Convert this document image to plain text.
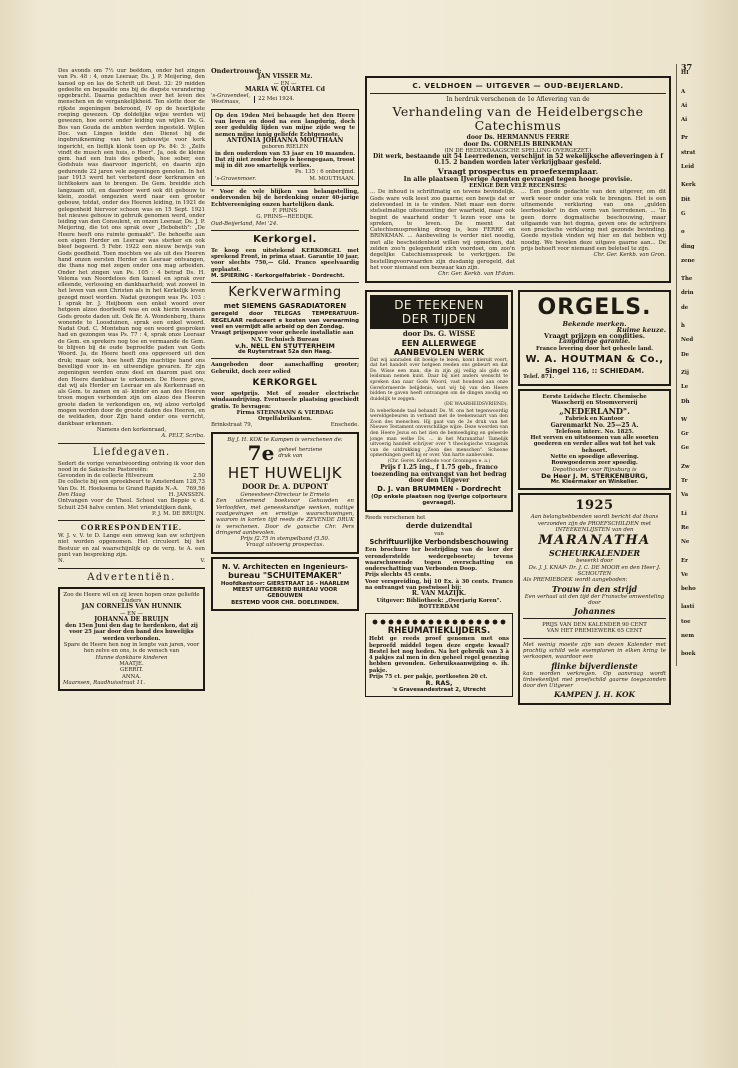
Des avonds om 7½ uur beëdom, onder het zingen van Ps. 48 : 4, onze Leeraar, Ds. J. P. Meijering, den kansel op en las de Schrift uit Deut. 32: 29 midden gedeelte en bepaalde ons bij de diepste verandering opgebracht. Daarna gedachten over het leven des menschen en de vergankelijkheid. Ten slotte door de rijkste zegeningen bekroond, IV op de heerlijkste roeping gewezen. Op doldelijke wijze werden wij gewezen, hoe eerst onder leiding van wijlen Ds. G. Bos van Gouda de ambten werden ingesteld. Wijlen Doc. van Lingen leidde den Dienst bij de ingebruikneming van het gebouwtje voor kerk ingericht, en lieflijk klonk toen op Ps. 84: 3: „Zelfs vindt de musch een huis, o Heer". Ja, ook de kleine gem. had een huis des gebeds, hoe sober, een Godshuis was daarvoor ingericht, en daarin zijn gedurende 22 jaren vele zegeningen genoten. In het jaar 1913 werd het verbeterd door kerkramen en lichtkokers aan te brengen. De Gem. breidde zich langzaam uit, en daardoor werd ook dit gebouw te klein, zoodat omgezien werd naar een grooter gebouw, totdat, onder des Heeren leiding, in 1921 de gelegenheid hiervoor schoon was en 15 Sept. 1921 het nieuwe gebouw in gebruik genomen werd, onder leiding van den Consulent, en onzen Leeraar, Ds. J. P. Meijering, die tot ons sprak over „Hebobeth": „De Heere heeft ons ruimte gemaakt". De behoefte aan een eigen Herder en Leeraar was sterker en ook bleef begeerd. 5 Febr. 1922 een nieuw bewijs van Gods goedheid. Toen mochten we als uit des Heeren hand onzen eersten Herder en Leeraar ontvangen, die thans nog met zegen onder ons mag arbeiden. Onder het zingen van Ps. 105 : 4 betrad Ds. H. Velema van Noordeloos den kansel en sprak over elleende, verlossing en dankbaarheid; wat zoowel in het leven van een Christen als in het Kerkelijk leven gezegd moet worden. Nadat gezongen was Ps. 103 : 1 sprak br. J. Heijboom een enkel woord over hetgeen alzoo doorleefd was en ook hierin kwamen Gods groote daden uit. Ook Br. A. Wondenberg, thans wonende te Loosduinen, sprak een enkel woord. Nadat Oud. C. Monteban nog een woord gesproken had en gezongen was Ps. 77 : 4, sprak onze Leeraar de Gem. en sprekers nog toe en vermaande de Gem. te blijven bij de oude beproefde paden van Gods Woord. Ja, de Heere heeft ons opgevoerd uit den druk; maar ook, hoe heeft Zijn machtige hand ons bevelligd voor in- en uitwendige gevaren. Er zijn zegeningen werden onze deel en daarom past ons den Heere dankbaar te erkennen. De Heere geve, dat wij als Herder en Leeraar en als Kerkenraad en als Gem. te zamen en al- kinder en aan des Heeren troon mogen verbonden zijn om alzoo des Heeren groote daden te verkondigen en, wij alzoo vertolgd mogen worden door de groote daden des Heeren, en de weldaden, door Zijn hand onder ons verricht, dankbaar erkennen.

Namens den kerkenraad,

A. PELT, Scriba.

Liefdegaven.

Sedert de vorige verantwoording ontving ik voor den nood in de Saksische Pastoreiën:

Gevonden in de collecte Hilversum	2.50

De collecte bij een spreekbeurt te Amsterdam 128,73

Van Ds. H. Hoeksema te Grand Rapids N.-A. 769,56

Den Haag	H. JANSSEN.

Ontvangen voor de Theol. School van Beppie v. d. Schuit 254 halve centen. Met vriendelijken dank,

P. J. M. DE BRUIJN.

CORRESPONDENTIE.

W. J. v. V. te D. Lange een omweg kan uw schrijven niet worden opgenomen. Het circuleert bij het Bestuur en zal waarschijnlijk op de verg. te A. een punt van bespreking zijn.

N.	V.

Advertentiën.

Zoo de Heere wil en zij leven hopen onze geliefde Ouders

JAN CORNELIS VAN HUNNIK

— EN —

JOHANNA DE BRUIJN

den 15en Juni den dag te herdenken, dat zij voor 25 jaar door den band des huwelijks werden verbonden.

Spare de Heere hen nog in lengte van jaren, voor hen zelve en ons, is de wensch van

Hunne dankbare kinderen

MAATJE.

GERRIT.

ANNA.

Maarssen, Raadhuisstraat 11.

Ondertrouwd:

JAN VISSER Mz.

— EN —

MARIA W. QUARTEL Cd

's-Gravendeel,

Westmaas,

22 Mei 1924.

Op den 19den Mei behaagde het den Heere van leven en dood na een langdurig, doch zeer geduldig lijden van mijne zijde weg te nemen mijne innig geliefde Echtgenoote,

ANTONIA JOHANNA MOUTHAAN

geboren RIELEN

in den ouderdom van 53 jaar en 10 maanden. Dat zij niet zonder hoop is heengegaan, troost mij in dit zoo smartelijk verlies.

Ps. 135 : 6 onberijmd.

's-Gravenmoer.	M. MOUTHAAN.

* Voor de vele blijken van belangstelling, ondervonden bij de herdenking onzer 40-jarige Echtvereeniging onzen hartelijken dank.

F. PRINS

G. PRINS—REEDIJK.

Oud-Beijerland, Mei '24.

Kerkorgel.

Te koop een uitstekend KERKORGEL met sprekend Front, in prima staat. Garantie 10 jaar, voor slechts 750,— Gld. Franco speelvaardig geplaatst.

M. SPIERING - Kerkorgelfabriek - Dordrecht.

Kerkverwarming

met SIEMENS GASRADIATOREN

geregeld door TELEGAS TEMPERATUUR-REGELAAR reduceert e kosten van verwarming veel en vermijdt alle arbeid op den Zondag.

Vraagt prijsopgave voor geheele installatie aan

N.V. Technisch Bureau

v.h. NELL EN STUTTERHEIM

de Ruyterstraat 52a den Haag.

Aangeboden door aanschaffing grooter; Gebruikt, doch zeer solied

KERKORGEL

voor spotprijs. Met of zonder electrische windaandrijving. Eventueele plaatsing geschiedt gratis. Te bevragen:

Firma STEINMANN & VIERDAG Orgelfabrikanten.

Brinkstraat 79,	Enschede.

Bij J. H. KOK te Kampen is verschenen de:

7e geheel herziene druk van

HET HUWELIJK

DOOR Dr. A. DUPONT

Geneesheer-Directeur te Ermelo

Een uitnemend boekvoor Gehuwden en Verloofden, met geneeskundige wenken, nuttige raadgevingen en ernstige waarschuwingen, waarom in korten tijd reeds de ZEVENDE DRUK is verschenen. Door de gansche Chr. Pers dringend aanbevolen.

Prijs f2.75 in stempelband f3.50.

Vraagt uitvoerig prospectus.

N. V. Architecten en Ingenieurs-

bureau "SCHUITEMAKER"

Hoofdkantoor: GIERSTRAAT 16 - HAARLEM

MEEST UITGEBREID BUREAU VOOR GEBOUWEN

BESTEMD VOOR CHR. DOELEINDEN.

C. VELDHOEN — UITGEVER — OUD-BEIJERLAND.

In herdruk verschenen de 1e Aflevering van de

Verhandeling van de Heidelbergsche Catechismus

door Ds. HERMANNUS FERRE

door Ds. CORNELIS BRINKMAN

(IN DE HEDENDAAGSCHE SPELLING OVERGEZET.)

Dit werk, bestaande uit 54 Leerredenen, verschijnt in 52 wekelijksche afleveringen à f 0.15. 2 banden worden later verkrijgbaar gesteld.

Vraagt prospectus en proefexemplaar.

In alle plaatsen IJverige Agenten gevraagd tegen hooge provisie.

EENIGE DER VELE RECENSIES:

... De inhoud is schriftmatig en tevens bevindelijk. Gods ware volk leest zoo gaarne; een bewijs dat er zielevoedsel in is te vinden. Niet maar een dorre stelselmatige uiteenzetting der waarheid, maar ook begint de waarheid onder 't lezen voor ons te spreken, te leven. De meent dat Catechismuspreeking droog is, leze FERRE en BRINKMAN. ... Aanbeveling is verder niet noodig, met alle bescheidenheid willen wij opmerken, dat zelden zoo'n gelegenheid zich voordoet, om zoo'n degelijke Catechismuspreek te verkrijgen. De bestellingvoorwaarden zijn dusdanig geregeld, dat het voor niemand een bezwaar kan zijn.

Chr. Ger. Kerkb. van H'dam.

... Een goede gedachte van den uitgever, om dit werk weer onder ons volk te brengen. Het is een uitnemende verklaring van ons „gulden leerboekske" in den vorm van leerredenen. ... 'In geen dorre dogmatische beschouwing, maar uitgaande van het dogma, geven ons de schrijvers een practische verklaring met gezonde bevinding. Goede mystiek vinden wij hier en dat hebben wij noodig. We bevelen deze uitgave gaarne aan... De prijs behoeft voor niemand een beletsel te zijn.

Chr. Ger. Kerkb. van Gron.

DE TEEKENEN

DER TIJDEN

door Ds. G. WISSE

EEN ALLERWEGE AANBEVOLEN WERK

Dat wij aanraden dit boekje te lezen, komt hieruit voort, dat het handelt over hetgeen reeden ons gebeurt en dat Ds. Wisse een man, die in zijn gij veilig als gids en leidsman nemen kunt. Daar bij niet anders wenscht te spreken dan naar Gods Woord, vast houdend aan onze Gereformeerde belijdenis, wat wij bij van den Heere bidden te gaven heeft ontvangen om de dingen zoodig en duidelijk te zeggen.

(DE WAARHEIDSVRIEND).

In weberkende taal behandt Ds. W. ons het tegenwoordig wereldgebeuren in verband met de teekenwaart van den Zoon des menschen. Hij gaat van de 2e druk van het Nieuwe Testament onverschillige wijze. Deze woorden van den Heere Jezus en het zien de bemoediging en geleerde jonge man welke Ds. ... in het Maranatha! Tamelijk uitvoerig handelt schrijver over 't theologische vraagstuk van de uitdrukking „Zoon des menschen". Schoone opmerkingen geeft hij er over. Van harte aanbevolen.

(Chr. Gerev. Kerkbode voor Groningen e. a.)

Prijs f 1.25 ing., f 1.75 geb., franco toezending na ontvangst van het bedrag door den Uitgever

D. J. van BRUMMEN - Dordrecht

(Op enkele plaatsen nog ijverige colporteurs gevraagd).

Reeds verschenen het

derde duizendtal

van

Schriftuurlijke Verbondsbeschouwing

Een brochure ter bestrijding van de leer der veronderstelde wedergeboorte; tevens waarschuwende tegen overschatting en onderschatting van Verbonden Doop.

Prijs slechts 45 cents.

Voor verspreiding, bij 10 Ex. à 30 cents. Franco na ontvangst van postwissel bij:

R. VAN MAZIJK.

Uitgever: Bibliotheek: „Overjarig Koren". ROTTERDAM

RHEUMATIEKLIJDERS.

Hebt ge reeds proef genomen met ons beproefd middel tegen deze ergste kwaal? Bestel het nog heden. Na het gebruik van 3 à 4 pakjes zal men in den geheel regel genezing hebben gevonden. Gebruiksaanwijzing o. ih. pakje.

Prijs 75 ct. per pakje, portkosten 20 ct.

R. RAS,

's Gravesandestraat 2, Utrecht

ORGELS.

Bekende merken.

Ruime keuze.

Vraagt prijzen en condities.

Langdurige garantie.

Franco levering door het geheele land.

W. A. HOUTMAN & Co.,

Singel 116, :: SCHIEDAM.

Telef. 871.

Eerste Leidsche Electr. Chemische

Wasscherij en Stoomververij

„NEDERLAND".

Fabriek en Kantoor

Garenmarkt No. 25—25 A.

Telefoon interc. No. 1825.

Het verven en uitstoomen van alle soorten goederen en verder alles wat tot het vak behoort.

Nette en spoedige aflevering.

Rouwgoederen zeer spoedig.

Depothouder voor Rijnsburg is

De Heer J. M. STERKENBURG,

Mr. Kleermaker en Winkelier.

1925

Aan belanghebbenden wordt bericht dat thans verzonden zijn de PROEFSCHILDEN met INTEEKENLIJSTEN van den

MARANATHA

SCHEURKALENDER

bewerkt door

Ds. J. J. KNAP- Dr. J. C. DE MOOR en den Heer J. SCHOUTEN

Als PREMIEBOEK wordt aangeboden:

Trouw in den strijd

Een verhaal uit den tijd der Fransche omwenteling door

Johannes

PRIJS VAN DEN KALENDER 90 CENT

VAN HET PREMIEWERK 65 CENT

Met weinig moeite zijn van dezen Kalender met prachtig schild vele exemplaren in elken kring te verkoopen, waardoor een

flinke bijverdienste

kan worden verkregen. Op aanvraag wordt tinteekenlijst met proefschild gaarne toegezonden door den Uitgever

KAMPEN J. H. KOK

37

HI

A

Ai

Ai

Pr

strat

Leid

Kerk

Dit

G

o

ding

zene

The

drin

de

h

Ned

De

Zij

Le

Dh

W

Gr

Ge

Zw

Tr

Va

Li

Re

Ne

Er

Ve

beho

lasti

toe

nem

boek
